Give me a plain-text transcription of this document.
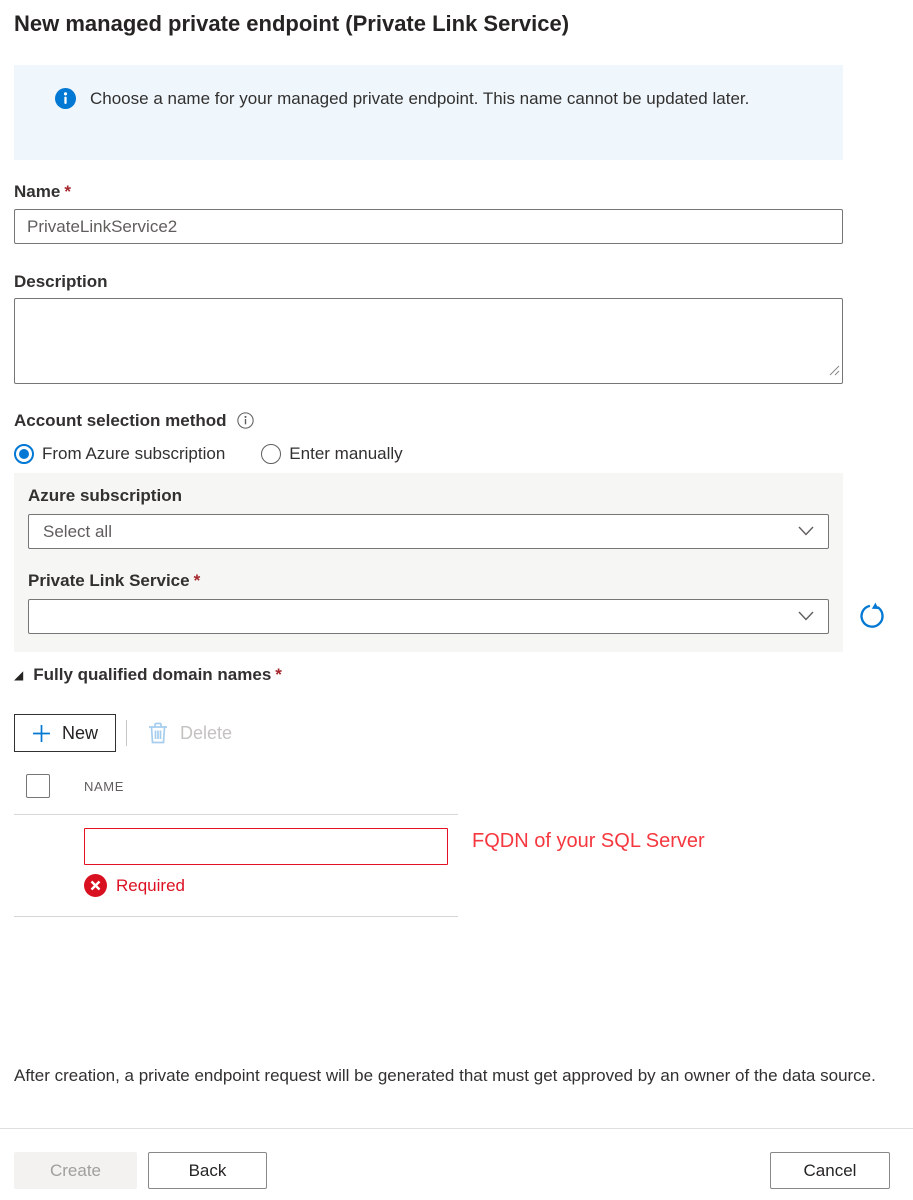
New managed private endpoint (Private Link Service)
Choose a name for your managed private endpoint. This name cannot be updated later.
Name *
PrivateLinkService2
Description
Account selection method
From Azure subscription	Enter manually
Azure subscription
Select all
Private Link Service *
◢ Fully qualified domain names *
New	Delete
NAME
FQDN of your SQL Server
Required
After creation, a private endpoint request will be generated that must get approved by an owner of the data source.
Create	Back	Cancel
